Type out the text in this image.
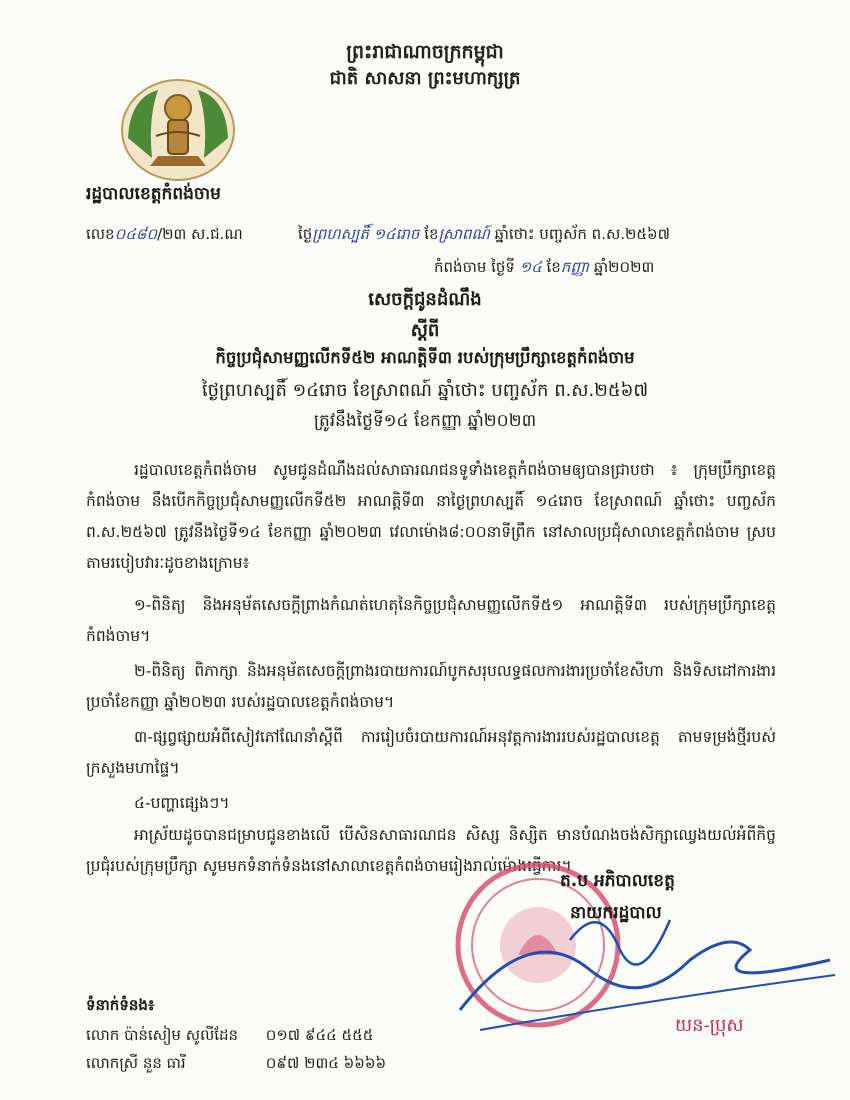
ព្រះរាជាណាចក្រកម្ពុជា
ជាតិ សាសនា ព្រះមហាក្សត្រ
រដ្ឋបាលខេត្តកំពង់ចាម
លេខ០៤៨០/២៣ ស.ជ.ណ	ថ្ងៃព្រហស្បតិ៍ ១៤រោច ខែស្រាពណ៍ ឆ្នាំថោះ បញ្ចស័ក ព.ស.២៥៦៧
កំពង់ចាម ថ្ងៃទី ១៤ ខែកញ្ញា ឆ្នាំ២០២៣
សេចក្តីជូនដំណឹង
ស្តីពី
កិច្ចប្រជុំសាមញ្ញលើកទី៥២ អាណត្តិទី៣ របស់ក្រុមប្រឹក្សាខេត្តកំពង់ចាម
ថ្ងៃព្រហស្បតិ៍ ១៤រោច ខែស្រាពណ៍ ឆ្នាំថោះ បញ្ចស័ក ព.ស.២៥៦៧
ត្រូវនឹងថ្ងៃទី១៤ ខែកញ្ញា ឆ្នាំ២០២៣
រដ្ឋបាលខេត្តកំពង់ចាម សូមជូនដំណឹងដល់សាធារណជនទូទាំងខេត្តកំពង់ចាមឲ្យបានជ្រាបថា ៖ ក្រុមប្រឹក្សាខេត្តកំពង់ចាម នឹងបើកកិច្ចប្រជុំសាមញ្ញលើកទី៥២ អាណត្តិទី៣ នាថ្ងៃព្រហស្បតិ៍ ១៤រោច ខែស្រាពណ៍ ឆ្នាំថោះ បញ្ចស័ក ព.ស.២៥៦៧ ត្រូវនឹងថ្ងៃទី១៤ ខែកញ្ញា ឆ្នាំ២០២៣ វេលាម៉ោង៨:០០នាទីព្រឹក នៅសាលប្រជុំសាលាខេត្តកំពង់ចាម ស្របតាមរបៀបវារៈដូចខាងក្រោម៖
១-ពិនិត្យ និងអនុម័តសេចក្តីព្រាងកំណត់ហេតុនៃកិច្ចប្រជុំសាមញ្ញលើកទី៥១ អាណត្តិទី៣ របស់ក្រុមប្រឹក្សាខេត្តកំពង់ចាម។
២-ពិនិត្យ ពិភាក្សា និងអនុម័តសេចក្តីព្រាងរបាយការណ៍បូកសរុបលទ្ធផលការងារប្រចាំខែសីហា និងទិសដៅការងារប្រចាំខែកញ្ញា ឆ្នាំ២០២៣ របស់រដ្ឋបាលខេត្តកំពង់ចាម។
៣-ផ្សព្វផ្សាយអំពីសៀវភៅណែនាំស្តីពី ការរៀបចំរបាយការណ៍អនុវត្តការងាររបស់រដ្ឋបាលខេត្ត តាមទម្រង់ថ្មីរបស់ក្រសួងមហាផ្ទៃ។
៤-បញ្ហាផ្សេងៗ។
អាស្រ័យដូចបានជម្រាបជូនខាងលើ បើសិនសាធារណជន សិស្ស និស្សិត មានបំណងចង់សិក្សាឈ្វេងយល់អំពីកិច្ចប្រជុំរបស់ក្រុមប្រឹក្សា សូមមកទំនាក់ទំនងនៅសាលាខេត្តកំពង់ចាមរៀងរាល់ម៉ោងធ្វើការ។
ត.ប អភិបាលខេត្ត
នាយករដ្ឋបាល
យន-ប្រុស
ទំនាក់ទំនង៖
លោក ប៉ាន់សៀម សូលីដែន ០១៧ ៩៤៤ ៥៥៥
លោកស្រី នួន ធារី	០៩៧ ២៣៤ ៦៦៦៦
